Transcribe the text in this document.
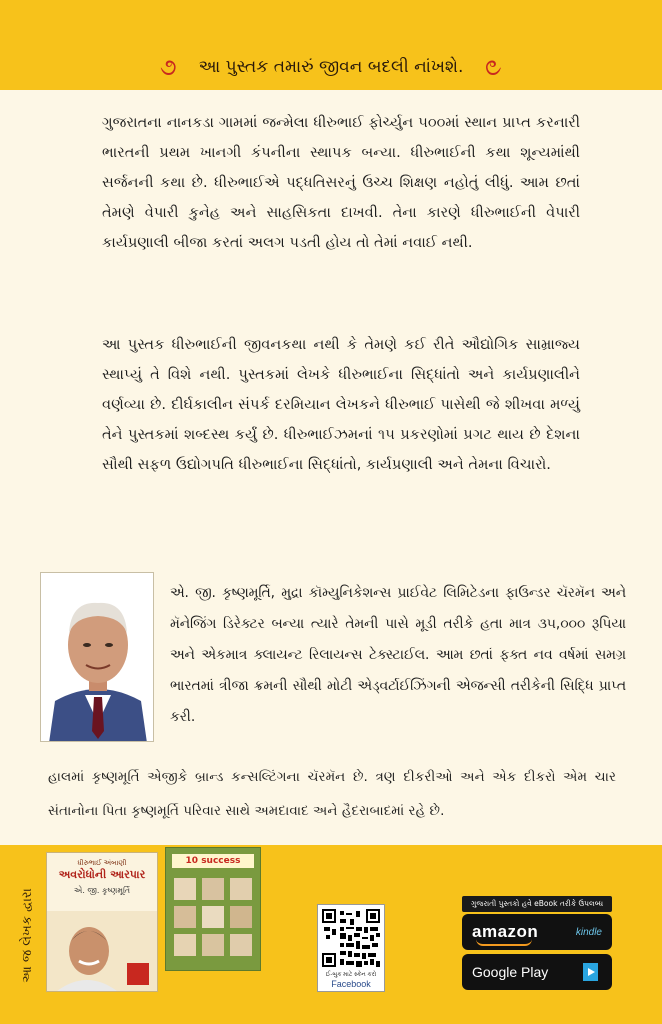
૭ આ પુસ્તક તમારું જીવન બદલી નાંખશે. ૭
ગુજરાતના નાનકડા ગામમાં જન્મેલા ધીરુભાઈ ફોર્ચ્યુન ૫૦૦માં સ્થાન પ્રાપ્ત કરનારી ભારતની પ્રથમ ખાનગી કંપનીના સ્થાપક બન્યા. ધીરુભાઈની કથા શૂન્યમાંથી સર્જનની કથા છે. ધીરુભાઈએ પદ્ધતિસરનું ઉચ્ચ શિક્ષણ નહોતું લીધું. આમ છતાં તેમણે વેપારી કુનેહ અને સાહસિકતા દાખવી. તેના કારણે ધીરુભાઈની વેપારી કાર્યપ્રણાલી બીજા કરતાં અલગ પડતી હોય તો તેમાં નવાઈ નથી.
આ પુસ્તક ધીરુભાઈની જીવનકથા નથી કે તેમણે કઈ રીતે ઔદ્યોગિક સામ્રાજ્ય સ્થાપ્યું તે વિશે નથી. પુસ્તકમાં લેખકે ધીરુભાઈના સિદ્ધાંતો અને કાર્યપ્રણાલીને વર્ણવ્યા છે. દીર્ઘકાલીન સંપર્ક દરમિયાન લેખકને ધીરુભાઈ પાસેથી જે શીખવા મળ્યું તેને પુસ્તકમાં શબ્દસ્થ કર્યું છે. ધીરુભાઈઝમનાં ૧૫ પ્રકરણોમાં પ્રગટ થાય છે દેશના સૌથી સફળ ઉદ્યોગપતિ ધીરુભાઈના સિદ્ધાંતો, કાર્યપ્રણાલી અને તેમના વિચારો.
એ. જી. કૃષ્ણમૂર્તિ, મુદ્રા કૉમ્યુનિકેશન્સ પ્રાઈવેટ લિમિટેડના ફાઉન્ડર ચૅરમૅન અને મૅનેજિંગ ડિરેક્ટર બન્યા ત્યારે તેમની પાસે મૂડી તરીકે હતા માત્ર ૩૫,૦૦૦ રૂપિયા અને એકમાત્ર ક્લાયન્ટ રિલાયન્સ ટેક્સ્ટાઈલ. આમ છતાં ફક્ત નવ વર્ષમાં સમગ્ર ભારતમાં ત્રીજા ક્રમની સૌથી મોટી એડ્વર્ટાઈઝિંગની એજન્સી તરીકેની સિદ્ધિ પ્રાપ્ત કરી.
હાલમાં કૃષ્ણમૂર્તિ એજીકે બ્રાન્ડ કન્સલ્ટિંગના ચૅરમૅન છે. ત્રણ દીકરીઓ અને એક દીકરો એમ ચાર સંતાનોના પિતા કૃષ્ણમૂર્તિ પરિવાર સાથે અમદાવાદ અને હૈદરાબાદમાં રહે છે.
આ જ લેખક દ્વારા
ધીરુભાઈ અંબાણી
અવરોધોની આરપાર
એ. જી. કૃષ્ણમૂર્તિ
10 success
ઈ-બુક માટે સ્કેન કરો
Facebook
ગુજરાતી પુસ્તકો હવે eBook તરીકે ઉપલબ્ધ
amazon	kindle
Google Play
